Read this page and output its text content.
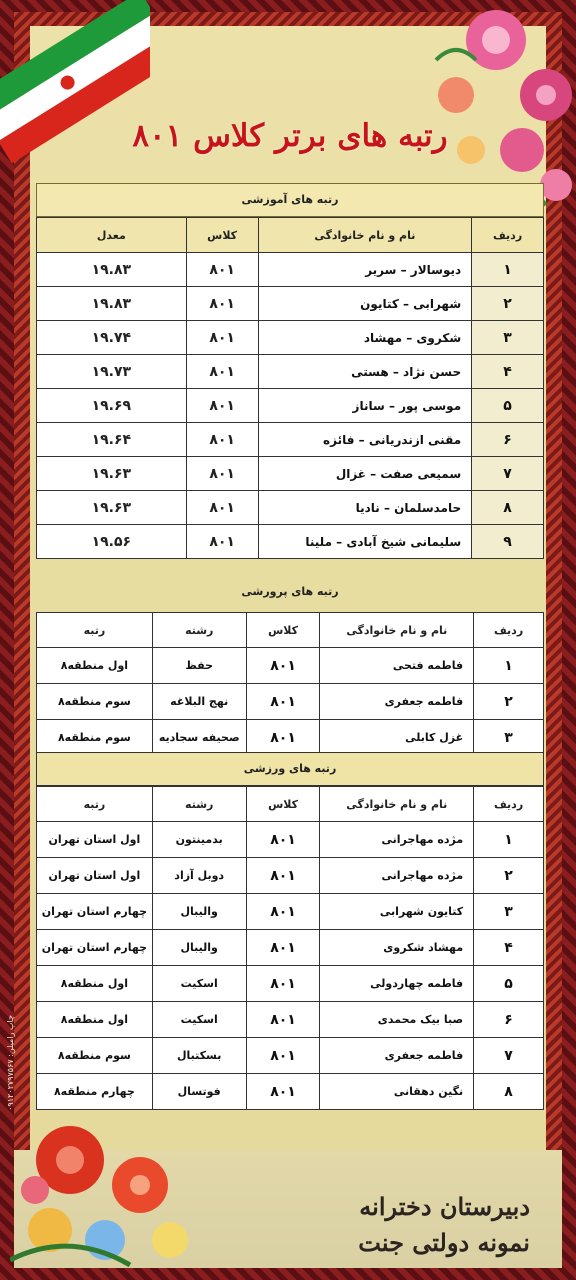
رتبه های برتر کلاس ۸۰۱
رتبه های آموزشی
ردیف	نام و نام خانوادگی	کلاس	معدل
۱	دیوسالار – سریر	۸۰۱	۱۹.۸۳
۲	شهرابی – کتایون	۸۰۱	۱۹.۸۳
۳	شکروی – مهشاد	۸۰۱	۱۹.۷۴
۴	حسن نژاد – هستی	۸۰۱	۱۹.۷۳
۵	موسی پور – ساناز	۸۰۱	۱۹.۶۹
۶	مقنی ازندریانی – فائزه	۸۰۱	۱۹.۶۴
۷	سمیعی صفت – غزال	۸۰۱	۱۹.۶۳
۸	حامدسلمان – نادیا	۸۰۱	۱۹.۶۳
۹	سلیمانی شیخ آبادی – ملینا	۸۰۱	۱۹.۵۶
رتبه های پرورشی
ردیف	نام و نام خانوادگی	کلاس	رشته	رتبه
۱	فاطمه فتحی	۸۰۱	حفظ	اول منطقه۸
۲	فاطمه جعفری	۸۰۱	نهج البلاغه	سوم منطقه۸
۳	غزل کابلی	۸۰۱	صحیفه سجادیه	سوم منطقه۸
رتبه های ورزشی
ردیف	نام و نام خانوادگی	کلاس	رشته	رتبه
۱	مژده مهاجرانی	۸۰۱	بدمینتون	اول استان تهران
۲	مژده مهاجرانی	۸۰۱	دوبل آزاد	اول استان تهران
۳	کتایون شهرابی	۸۰۱	والیبال	چهارم استان تهران
۴	مهشاد شکروی	۸۰۱	والیبال	چهارم استان تهران
۵	فاطمه چهاردولی	۸۰۱	اسکیت	اول منطقه۸
۶	صبا بیک محمدی	۸۰۱	اسکیت	اول منطقه۸
۷	فاطمه جعفری	۸۰۱	بسکتبال	سوم منطقه۸
۸	نگین دهقانی	۸۰۱	فوتسال	چهارم منطقه۸
چاپ رامیلن: ۰۹۱۲۰۲۷۹۷۵۶۷
دبیرستان دخترانه
نمونه دولتی جنت
